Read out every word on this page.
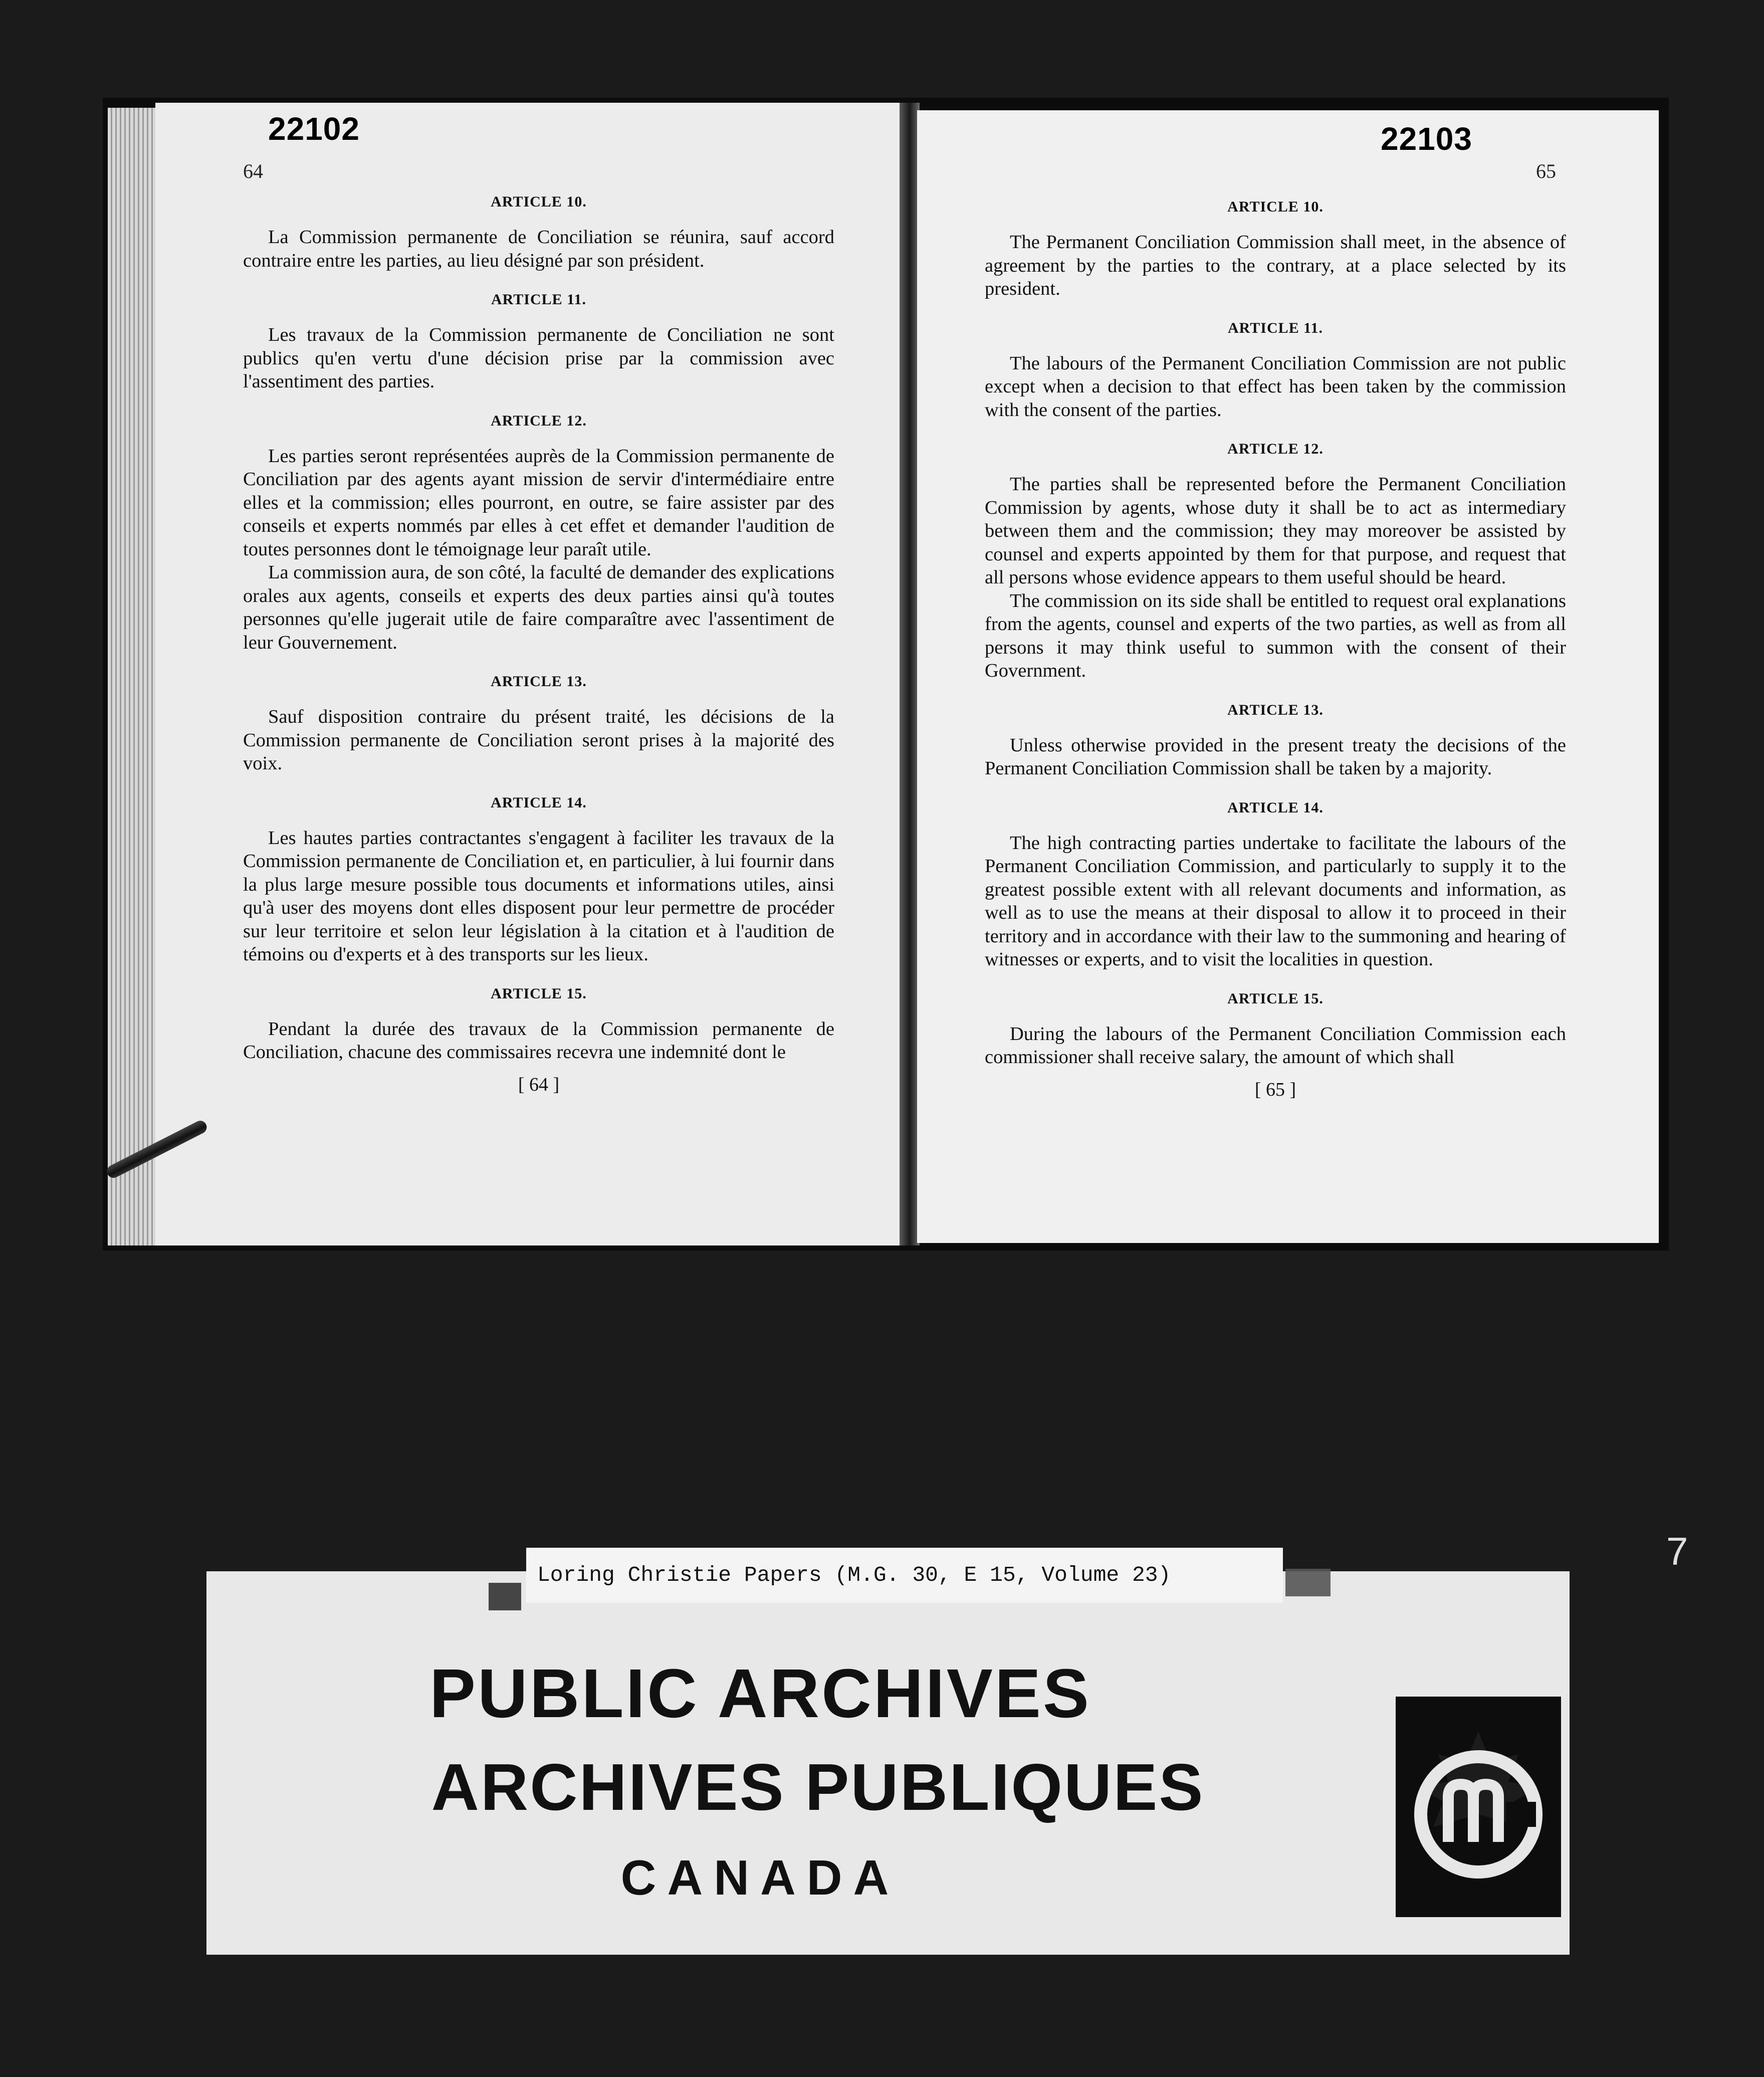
ARTICLE 10.

La Commission permanente de Conciliation se réunira, sauf accord contraire entre les parties, au lieu désigné par son président.

ARTICLE 11.

Les travaux de la Commission permanente de Conciliation ne sont publics qu'en vertu d'une décision prise par la commission avec l'assentiment des parties.

ARTICLE 12.

Les parties seront représentées auprès de la Commission permanente de Conciliation par des agents ayant mission de servir d'intermédiaire entre elles et la commission; elles pourront, en outre, se faire assister par des conseils et experts nommés par elles à cet effet et demander l'audition de toutes personnes dont le témoignage leur paraît utile.

La commission aura, de son côté, la faculté de demander des explications orales aux agents, conseils et experts des deux parties ainsi qu'à toutes personnes qu'elle jugerait utile de faire comparaître avec l'assentiment de leur Gouvernement.

ARTICLE 13.

Sauf disposition contraire du présent traité, les décisions de la Commission permanente de Conciliation seront prises à la majorité des voix.

ARTICLE 14.

Les hautes parties contractantes s'engagent à faciliter les travaux de la Commission permanente de Conciliation et, en particulier, à lui fournir dans la plus large mesure possible tous documents et informations utiles, ainsi qu'à user des moyens dont elles disposent pour leur permettre de procéder sur leur territoire et selon leur législation à la citation et à l'audition de témoins ou d'experts et à des transports sur les lieux.

ARTICLE 15.

Pendant la durée des travaux de la Commission permanente de Conciliation, chacune des commissaires recevra une indemnité dont le

[ 64 ]
ARTICLE 10.

The Permanent Conciliation Commission shall meet, in the absence of agreement by the parties to the contrary, at a place selected by its president.

ARTICLE 11.

The labours of the Permanent Conciliation Commission are not public except when a decision to that effect has been taken by the commission with the consent of the parties.

ARTICLE 12.

The parties shall be represented before the Permanent Conciliation Commission by agents, whose duty it shall be to act as intermediary between them and the commission; they may moreover be assisted by counsel and experts appointed by them for that purpose, and request that all persons whose evidence appears to them useful should be heard.

The commission on its side shall be entitled to request oral explanations from the agents, counsel and experts of the two parties, as well as from all persons it may think useful to summon with the consent of their Government.

ARTICLE 13.

Unless otherwise provided in the present treaty the decisions of the Permanent Conciliation Commission shall be taken by a majority.

ARTICLE 14.

The high contracting parties undertake to facilitate the labours of the Permanent Conciliation Commission, and particularly to supply it to the greatest possible extent with all relevant documents and information, as well as to use the means at their disposal to allow it to proceed in their territory and in accordance with their law to the summoning and hearing of witnesses or experts, and to visit the localities in question.

ARTICLE 15.

During the labours of the Permanent Conciliation Commission each commissioner shall receive salary, the amount of which shall

[ 65 ]
22102	22103
64	65
Loring Christie Papers (M.G. 30, E 15, Volume 23)
PUBLIC ARCHIVES
ARCHIVES PUBLIQUES
CANADA
7
